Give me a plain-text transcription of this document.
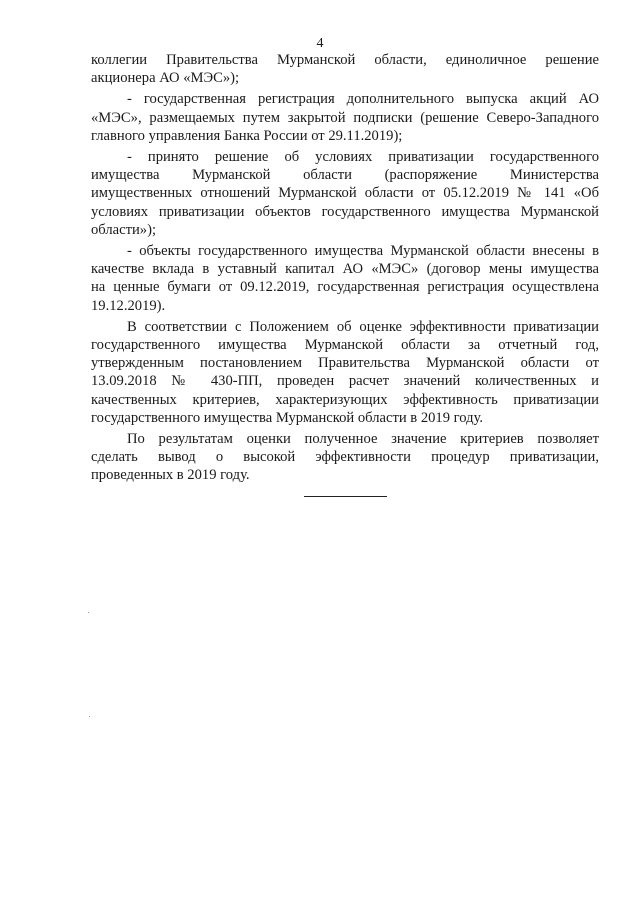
4
коллегии Правительства Мурманской области, единоличное решение
акционера АО «МЭС»);
- государственная регистрация дополнительного выпуска акций АО
«МЭС», размещаемых путем закрытой подписки (решение Северо-Западного
главного управления Банка России от 29.11.2019);
- принято решение об условиях приватизации государственного
имущества Мурманской области (распоряжение Министерства
имущественных отношений Мурманской области от 05.12.2019 № 141 «Об
условиях приватизации объектов государственного имущества Мурманской
области»);
- объекты государственного имущества Мурманской области внесены в
качестве вклада в уставный капитал АО «МЭС» (договор мены имущества
на ценные бумаги от 09.12.2019, государственная регистрация осуществлена
19.12.2019).
В соответствии с Положением об оценке эффективности приватизации
государственного имущества Мурманской области за отчетный год,
утвержденным постановлением Правительства Мурманской области от
13.09.2018 № 430-ПП, проведен расчет значений количественных и
качественных критериев, характеризующих эффективность приватизации
государственного имущества Мурманской области в 2019 году.
По результатам оценки полученное значение критериев позволяет
сделать вывод о высокой эффективности процедур приватизации,
проведенных в 2019 году.
